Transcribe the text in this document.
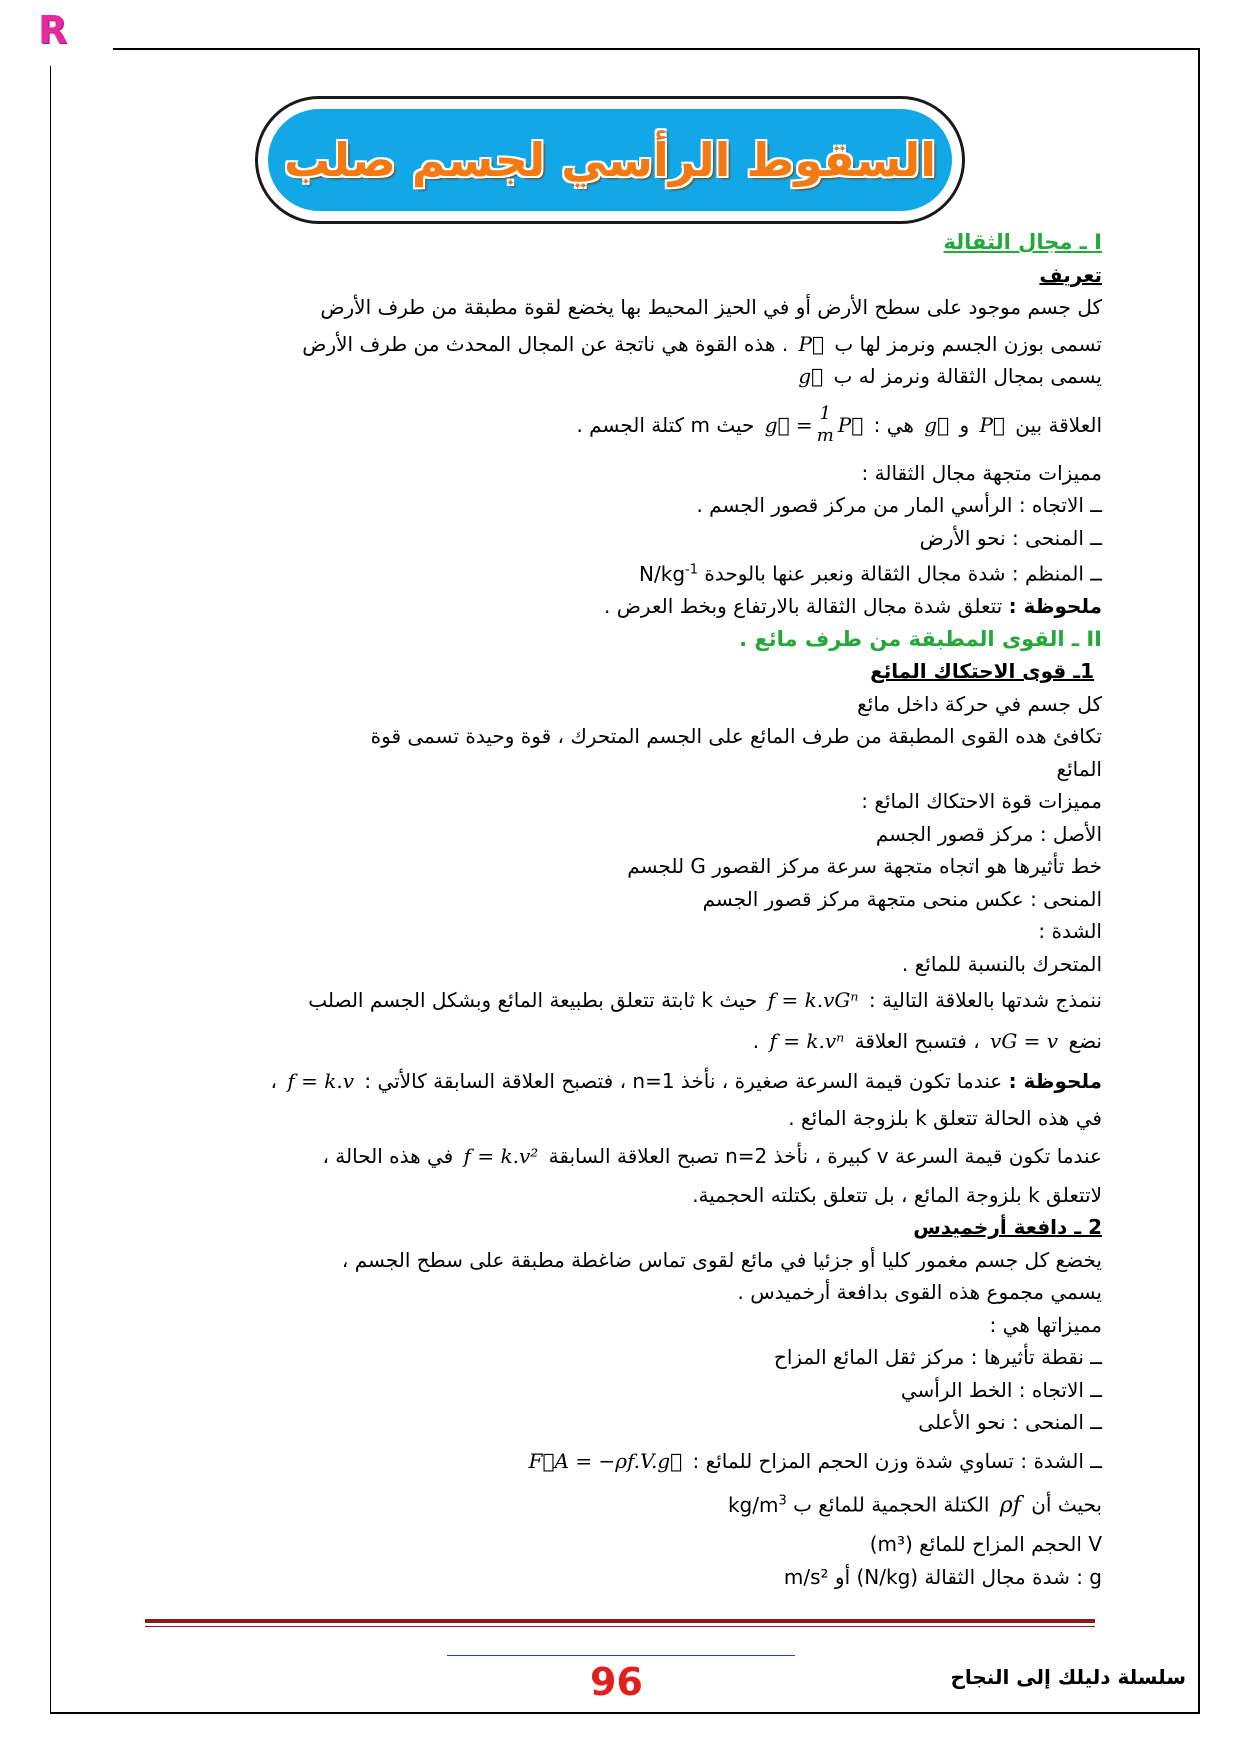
R
السقوط الرأسي لجسم صلب

I ـ مجال الثقالة

تعريف

كل جسم موجود على سطح الأرض أو في الحيز المحيط بها يخضع لقوة مطبقة من طرف الأرض

تسمى بوزن الجسم ونرمز لها ب P⃗ . هذه القوة هي ناتجة عن المجال المحدث من طرف الأرض

يسمى بمجال الثقالة ونرمز له ب g⃗

العلاقة بين P⃗ و g⃗ هي :
g⃗ = 1
m P⃗
حيث m كتلة الجسم .

مميزات متجهة مجال الثقالة :

ــ الاتجاه : الرأسي المار من مركز قصور الجسم .

ــ المنحى : نحو الأرض

ــ المنظم : شدة مجال الثقالة ونعبر عنها بالوحدة $N/kg^{-1}$

ملحوظة : تتعلق شدة مجال الثقالة بالارتفاع وبخط العرض .

II ـ القوى المطبقة من طرف مائع .

1ـ قوى الاحتكاك المائع

كل جسم في حركة داخل مائع

تكافئ هده القوى المطبقة من طرف المائع على الجسم المتحرك ، قوة وحيدة تسمى قوة

المائع

مميزات قوة الاحتكاك المائع :

الأصل : مركز قصور الجسم

خط تأثيرها هو اتجاه متجهة سرعة مركز القصور G للجسم

المنحى : عكس منحى متجهة مركز قصور الجسم

الشدة :

المتحرك بالنسبة للمائع .

ننمذج شدتها بالعلاقة التالية : f = k.vGⁿ حيث k ثابتة تتعلق بطبيعة المائع وبشكل الجسم الصلب

نضع vG = v ، فتسبح العلاقة f = k.vⁿ .

ملحوظة : عندما تكون قيمة السرعة صغيرة ، نأخذ n=1 ، فتصبح العلاقة السابقة كالأتي : f = k.v ،

في هذه الحالة تتعلق k بلزوجة المائع .

عندما تكون قيمة السرعة v كبيرة ، نأخذ n=2 تصبح العلاقة السابقة f = k.v² في هذه الحالة ،

لاتتعلق k بلزوجة المائع ، بل تتعلق بكتلته الحجمية.

2 ـ دافعة أرخميدس

يخضع كل جسم مغمور كليا أو جزئيا في مائع لقوى تماس ضاغطة مطبقة على سطح الجسم ،

يسمي مجموع هذه القوى بدافعة أرخميدس .

مميزاتها هي :

ــ نقطة تأثيرها : مركز ثقل المائع المزاح

ــ الاتجاه : الخط الرأسي

ــ المنحى : نحو الأعلى

ــ الشدة : تساوي شدة وزن الحجم المزاح للمائع : F⃗A = −ρf.V.g⃗

بحيث أن ρf الكتلة الحجمية للمائع ب $kg/m^3$

V الحجم المزاح للمائع (m³)

g : شدة مجال الثقالة (N/kg) أو m/s²

96	سلسلة دليلك إلى النجاح
